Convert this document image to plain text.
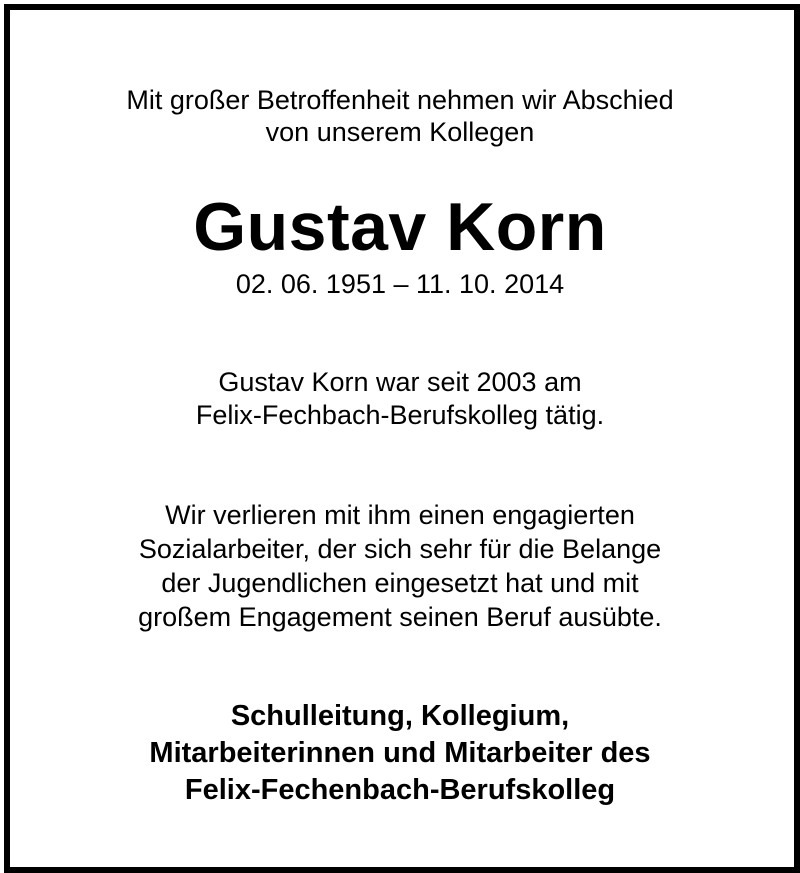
Mit großer Betroffenheit nehmen wir Abschied
von unserem Kollegen
Gustav Korn
02. 06. 1951 – 11. 10. 2014
Gustav Korn war seit 2003 am
Felix-Fechbach-Berufskolleg tätig.
Wir verlieren mit ihm einen engagierten
Sozialarbeiter, der sich sehr für die Belange
der Jugendlichen eingesetzt hat und mit
großem Engagement seinen Beruf ausübte.
Schulleitung, Kollegium,
Mitarbeiterinnen und Mitarbeiter des
Felix-Fechenbach-Berufskolleg
